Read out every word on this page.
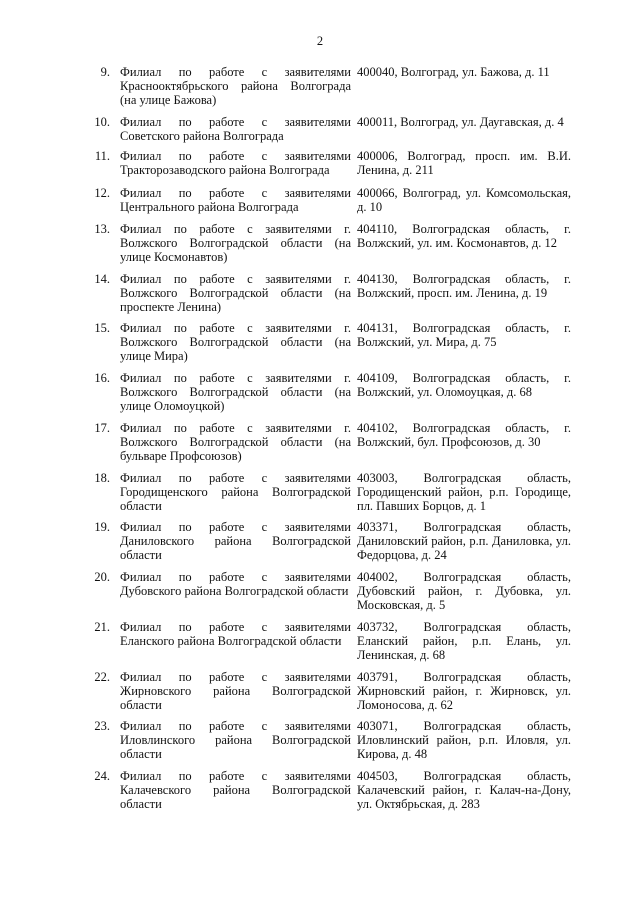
2
9. Филиал по работе с заявителями Краснооктябрьского района Волгограда (на улице Бажова)
400040, Волгоград, ул. Бажова, д. 11
10. Филиал по работе с заявителями Советского района Волгограда
400011, Волгоград, ул. Даугавская, д. 4
11. Филиал по работе с заявителями Тракторозаводского района Волгограда
400006, Волгоград, просп. им. В.И. Ленина, д. 211
12. Филиал по работе с заявителями Центрального района Волгограда
400066, Волгоград, ул. Комсомольская, д. 10
13. Филиал по работе с заявителями г. Волжского Волгоградской области (на улице Космонавтов)
404110, Волгоградская область, г. Волжский, ул. им. Космонавтов, д. 12
14. Филиал по работе с заявителями г. Волжского Волгоградской области (на проспекте Ленина)
404130, Волгоградская область, г. Волжский, просп. им. Ленина, д. 19
15. Филиал по работе с заявителями г. Волжского Волгоградской области (на улице Мира)
404131, Волгоградская область, г. Волжский, ул. Мира, д. 75
16. Филиал по работе с заявителями г. Волжского Волгоградской области (на улице Оломоуцкой)
404109, Волгоградская область, г. Волжский, ул. Оломоуцкая, д. 68
17. Филиал по работе с заявителями г. Волжского Волгоградской области (на бульваре Профсоюзов)
404102, Волгоградская область, г. Волжский, бул. Профсоюзов, д. 30
18. Филиал по работе с заявителями Городищенского района Волгоградской области
403003, Волгоградская область, Городищенский район, р.п. Городище, пл. Павших Борцов, д. 1
19. Филиал по работе с заявителями Даниловского района Волгоградской области
403371, Волгоградская область, Даниловский район, р.п. Даниловка, ул. Федорцова, д. 24
20. Филиал по работе с заявителями Дубовского района Волгоградской области
404002, Волгоградская область, Дубовский район, г. Дубовка, ул. Московская, д. 5
21. Филиал по работе с заявителями Еланского района Волгоградской области
403732, Волгоградская область, Еланский район, р.п. Елань, ул. Ленинская, д. 68
22. Филиал по работе с заявителями Жирновского района Волгоградской области
403791, Волгоградская область, Жирновский район, г. Жирновск, ул. Ломоносова, д. 62
23. Филиал по работе с заявителями Иловлинского района Волгоградской области
403071, Волгоградская область, Иловлинский район, р.п. Иловля, ул. Кирова, д. 48
24. Филиал по работе с заявителями Калачевского района Волгоградской области
404503, Волгоградская область, Калачевский район, г. Калач-на-Дону, ул. Октябрьская, д. 283
